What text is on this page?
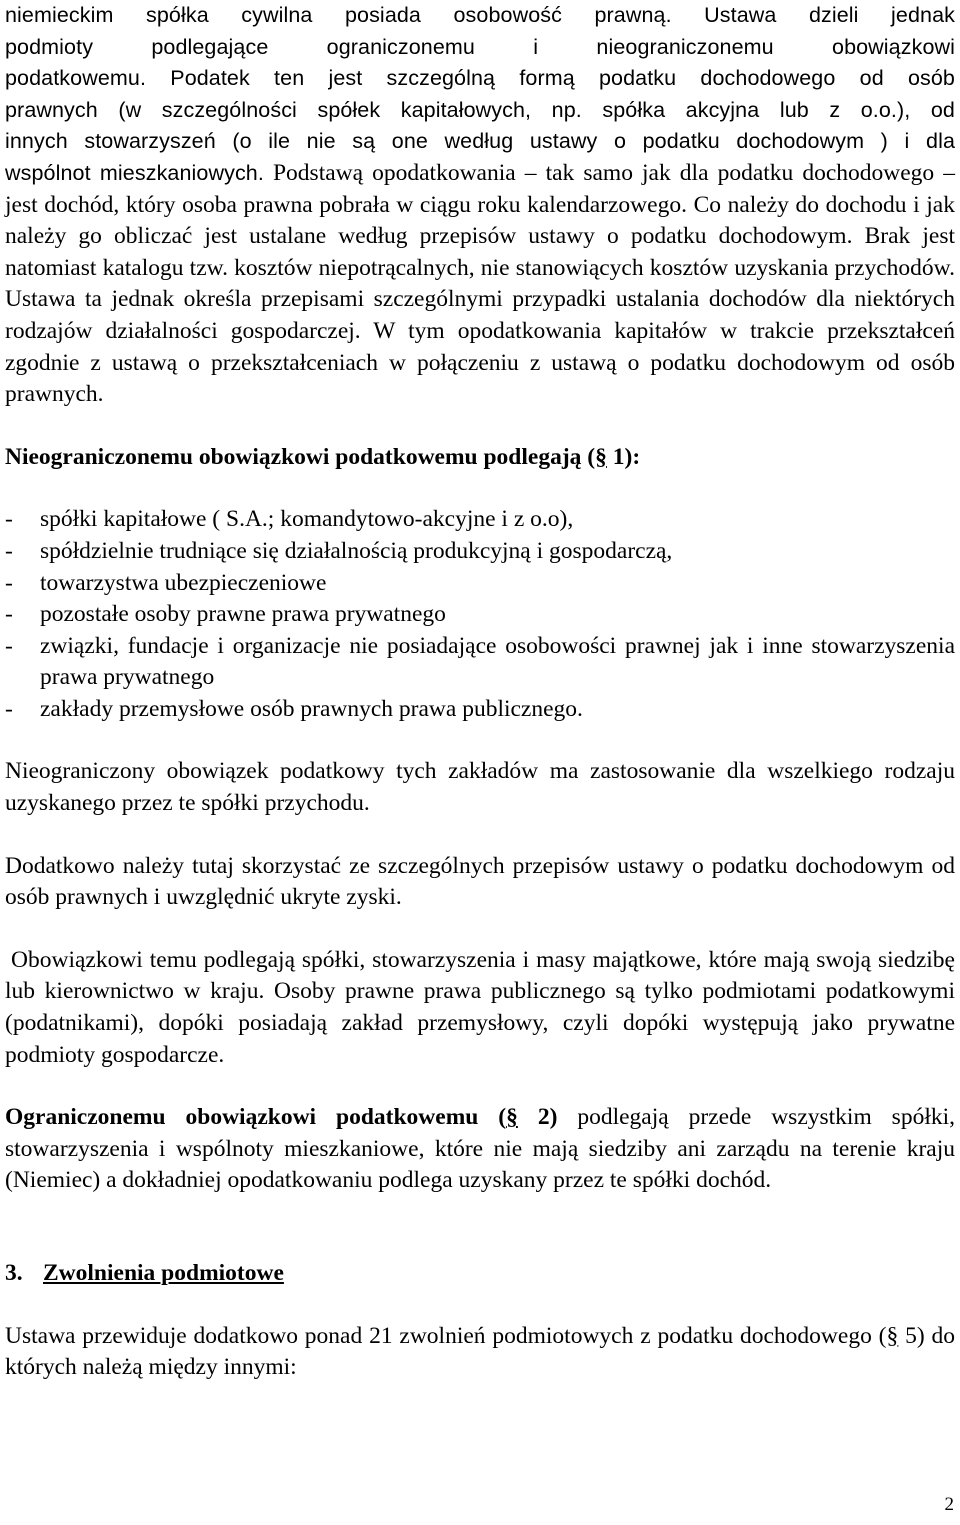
niemieckim spółka cywilna posiada osobowość prawną. Ustawa dzieli jednak
podmioty podlegające ograniczonemu i nieograniczonemu obowiązkowi
podatkowemu. Podatek ten jest szczególną formą podatku dochodowego od osób
prawnych (w szczególności spółek kapitałowych, np. spółka akcyjna lub z o.o.), od
innych stowarzyszeń (o ile nie są one według ustawy o podatku dochodowym ) i dla

wspólnot mieszkaniowych. Podstawą opodatkowania – tak samo jak dla podatku dochodowego – jest dochód, który osoba prawna pobrała w ciągu roku kalendarzowego. Co należy do dochodu i jak należy go obliczać jest ustalane według przepisów ustawy o podatku dochodowym. Brak jest natomiast katalogu tzw. kosztów niepotrącalnych, nie stanowiących kosztów uzyskania przychodów. Ustawa ta jednak określa przepisami szczególnymi przypadki ustalania dochodów dla niektórych rodzajów działalności gospodarczej. W tym opodatkowania kapitałów w trakcie przekształceń zgodnie z ustawą o przekształceniach w połączeniu z ustawą o podatku dochodowym od osób prawnych.

Nieograniczonemu obowiązkowi podatkowemu podlegają (§ 1):

- spółki kapitałowe ( S.A.; komandytowo-akcyjne i z o.o),
- spółdzielnie trudniące się działalnością produkcyjną i gospodarczą,
- towarzystwa ubezpieczeniowe
- pozostałe osoby prawne prawa prywatnego
- związki, fundacje i organizacje nie posiadające osobowości prawnej jak i inne stowarzyszenia prawa prywatnego
- zakłady przemysłowe osób prawnych prawa publicznego.

Nieograniczony obowiązek podatkowy tych zakładów ma zastosowanie dla wszelkiego rodzaju uzyskanego przez te spółki przychodu.

Dodatkowo należy tutaj skorzystać ze szczególnych przepisów ustawy o podatku dochodowym od osób prawnych i uwzględnić ukryte zyski.

Obowiązkowi temu podlegają spółki, stowarzyszenia i masy majątkowe, które mają swoją siedzibę lub kierownictwo w kraju. Osoby prawne prawa publicznego są tylko podmiotami podatkowymi (podatnikami), dopóki posiadają zakład przemysłowy, czyli dopóki występują jako prywatne podmioty gospodarcze.

Ograniczonemu obowiązkowi podatkowemu (§ 2) podlegają przede wszystkim spółki, stowarzyszenia i wspólnoty mieszkaniowe, które nie mają siedziby ani zarządu na terenie kraju (Niemiec) a dokładniej opodatkowaniu podlega uzyskany przez te spółki dochód.

3. Zwolnienia podmiotowe

Ustawa przewiduje dodatkowo ponad 21 zwolnień podmiotowych z podatku dochodowego (§ 5) do których należą między innymi:

2
